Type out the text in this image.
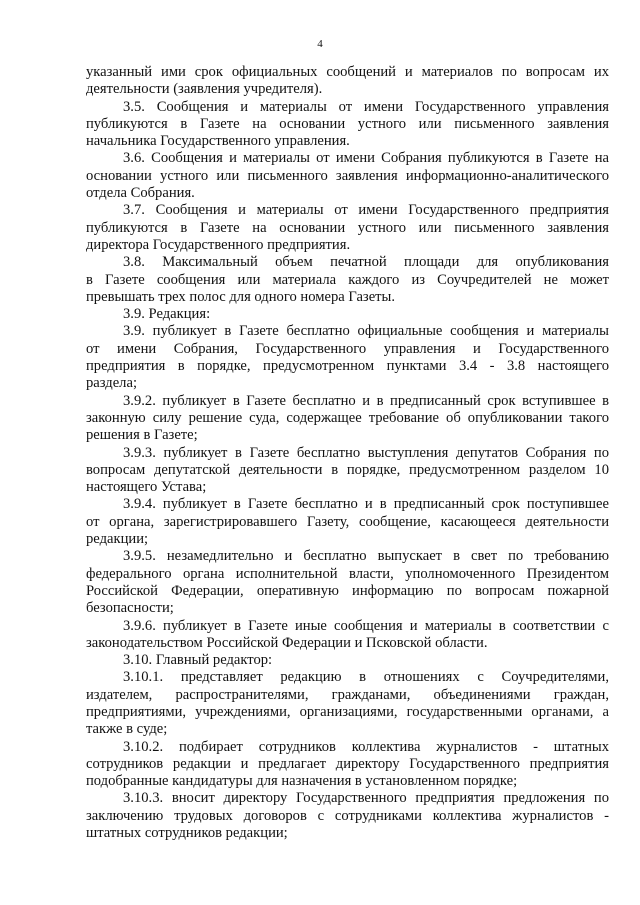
4

указанный ими срок официальных сообщений и материалов по вопросам их
деятельности (заявления учредителя).

3.5. Сообщения и материалы от имени Государственного управления
публикуются в Газете на основании устного или письменного заявления
начальника Государственного управления.

3.6. Сообщения и материалы от имени Собрания публикуются в Газете на
основании устного или письменного заявления информационно-аналитического
отдела Собрания.

3.7. Сообщения и материалы от имени Государственного предприятия
публикуются в Газете на основании устного или письменного заявления
директора Государственного предприятия.

3.8. Максимальный объем печатной площади для опубликования
в Газете сообщения или материала каждого из Соучредителей не может
превышать трех полос для одного номера Газеты.

3.9. Редакция:

3.9. публикует в Газете бесплатно официальные сообщения и материалы
от имени Собрания, Государственного управления и Государственного
предприятия в порядке, предусмотренном пунктами 3.4 - 3.8 настоящего
раздела;

3.9.2. публикует в Газете бесплатно и в предписанный срок вступившее в
законную силу решение суда, содержащее требование об опубликовании такого
решения в Газете;

3.9.3. публикует в Газете бесплатно выступления депутатов Собрания по
вопросам депутатской деятельности в порядке, предусмотренном разделом 10
настоящего Устава;

3.9.4. публикует в Газете бесплатно и в предписанный срок поступившее
от органа, зарегистрировавшего Газету, сообщение, касающееся деятельности
редакции;

3.9.5. незамедлительно и бесплатно выпускает в свет по требованию
федерального органа исполнительной власти, уполномоченного Президентом
Российской Федерации, оперативную информацию по вопросам пожарной
безопасности;

3.9.6. публикует в Газете иные сообщения и материалы в соответствии с
законодательством Российской Федерации и Псковской области.

3.10. Главный редактор:

3.10.1. представляет редакцию в отношениях с Соучредителями,
издателем, распространителями, гражданами, объединениями граждан,
предприятиями, учреждениями, организациями, государственными органами, а
также в суде;

3.10.2. подбирает сотрудников коллектива журналистов - штатных
сотрудников редакции и предлагает директору Государственного предприятия
подобранные кандидатуры для назначения в установленном порядке;

3.10.3. вносит директору Государственного предприятия предложения по
заключению трудовых договоров с сотрудниками коллектива журналистов -
штатных сотрудников редакции;
